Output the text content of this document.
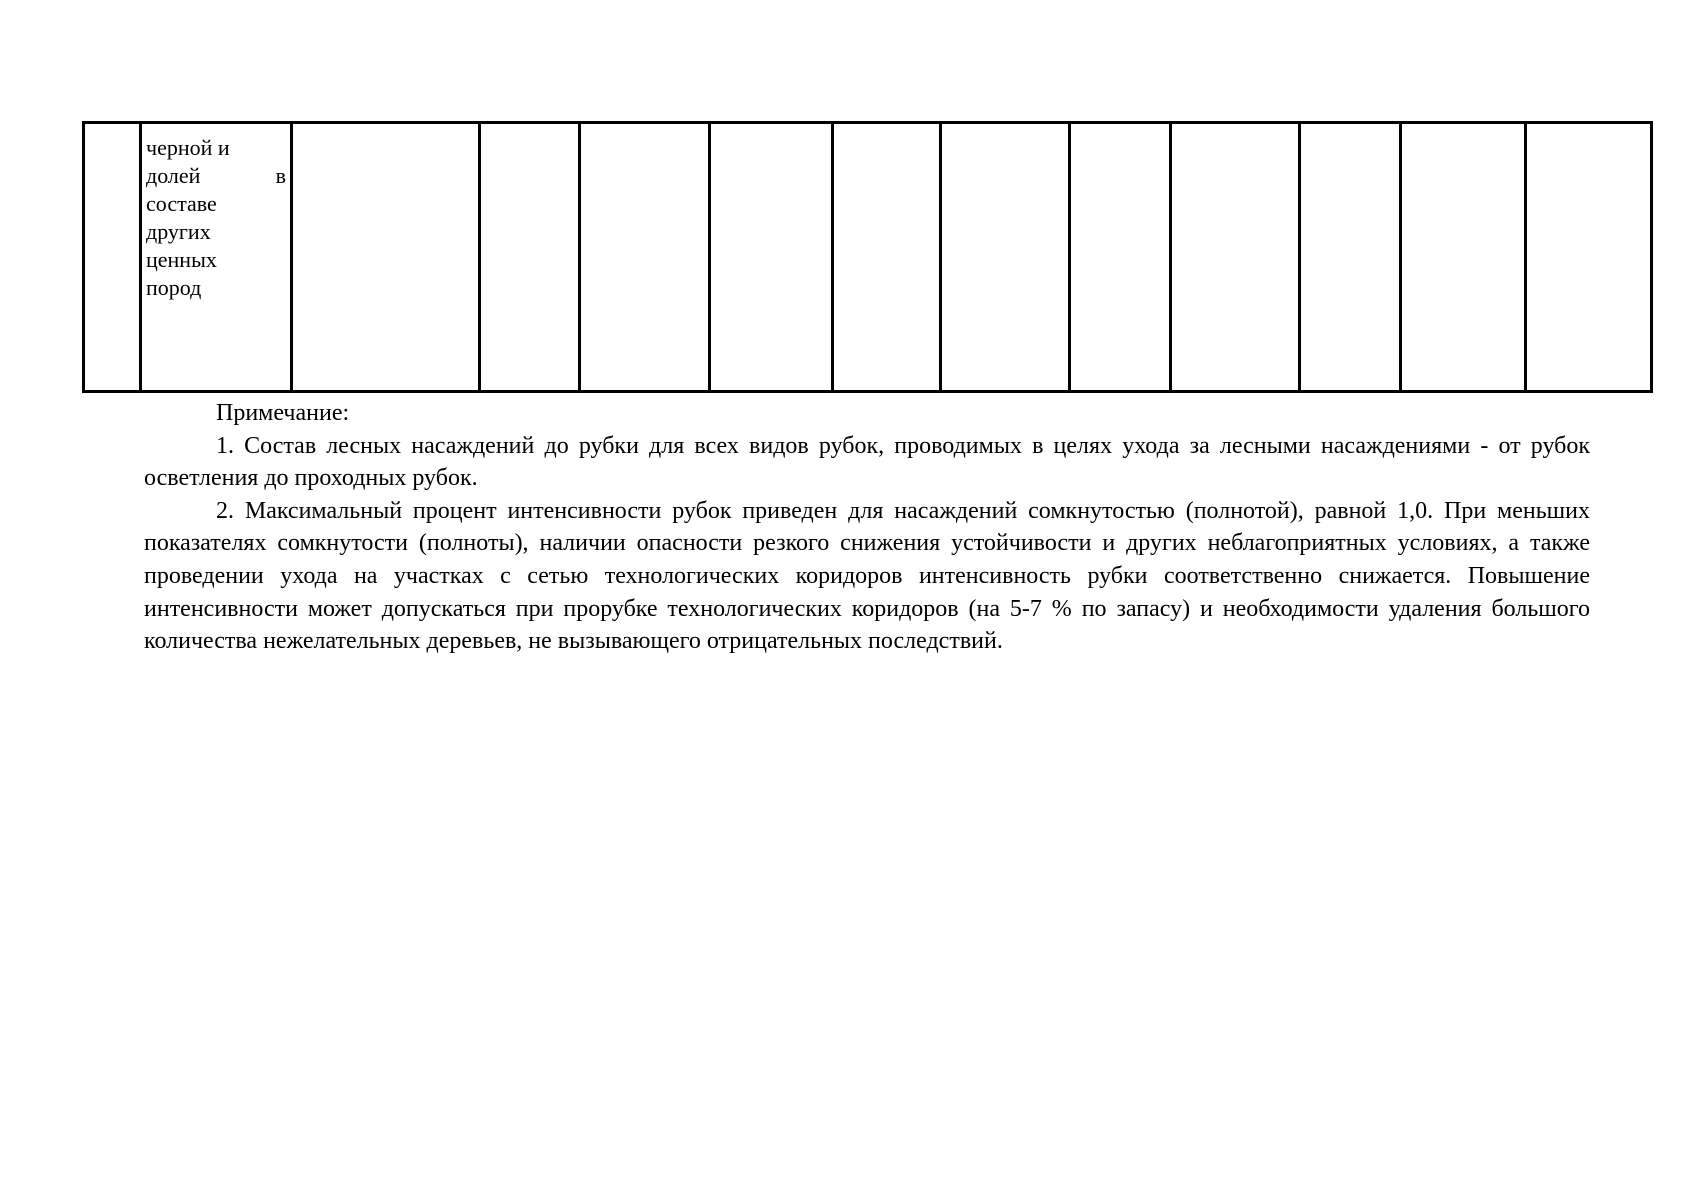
черной и
долей	в
составе
других
ценных
пород

Примечание:

1. Состав лесных насаждений до рубки для всех видов рубок, проводимых в целях ухода за лесными насаждениями - от рубок осветления до проходных рубок.

2. Максимальный процент интенсивности рубок приведен для насаждений сомкнутостью (полнотой), равной 1,0. При меньших показателях сомкнутости (полноты), наличии опасности резкого снижения устойчивости и других неблагоприятных условиях, а также проведении ухода на участках с сетью технологических коридоров интенсивность рубки соответственно снижается. Повышение интенсивности может допускаться при прорубке технологических коридоров (на 5-7 % по запасу) и необходимости удаления большого количества нежелательных деревьев, не вызывающего отрицательных последствий.
